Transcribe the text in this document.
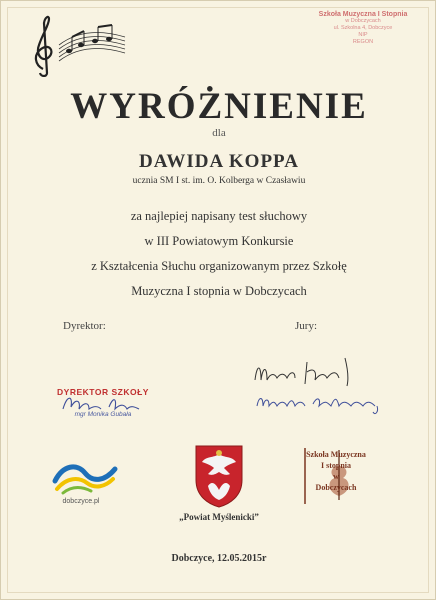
Szkoła Muzyczna I Stopnia
w Dobczycach
ul. Szkolna 4, Dobczyce
NIP
REGON
WYRÓŻNIENIE
dla
DAWIDA KOPPA
ucznia SM I st. im. O. Kolberga w Czasławiu
za najlepiej napisany test słuchowy
w III Powiatowym Konkursie
z Kształcenia Słuchu organizowanym przez Szkołę
Muzyczna I stopnia w Dobczycach
Dyrektor:	Jury:
DYREKTOR SZKOŁY
mgr Monika Gubała
dobczyce.pl
„Powiat Myślenicki”
Szkoła Muzyczna
I stopnia
w
Dobczycach
Dobczyce, 12.05.2015r
